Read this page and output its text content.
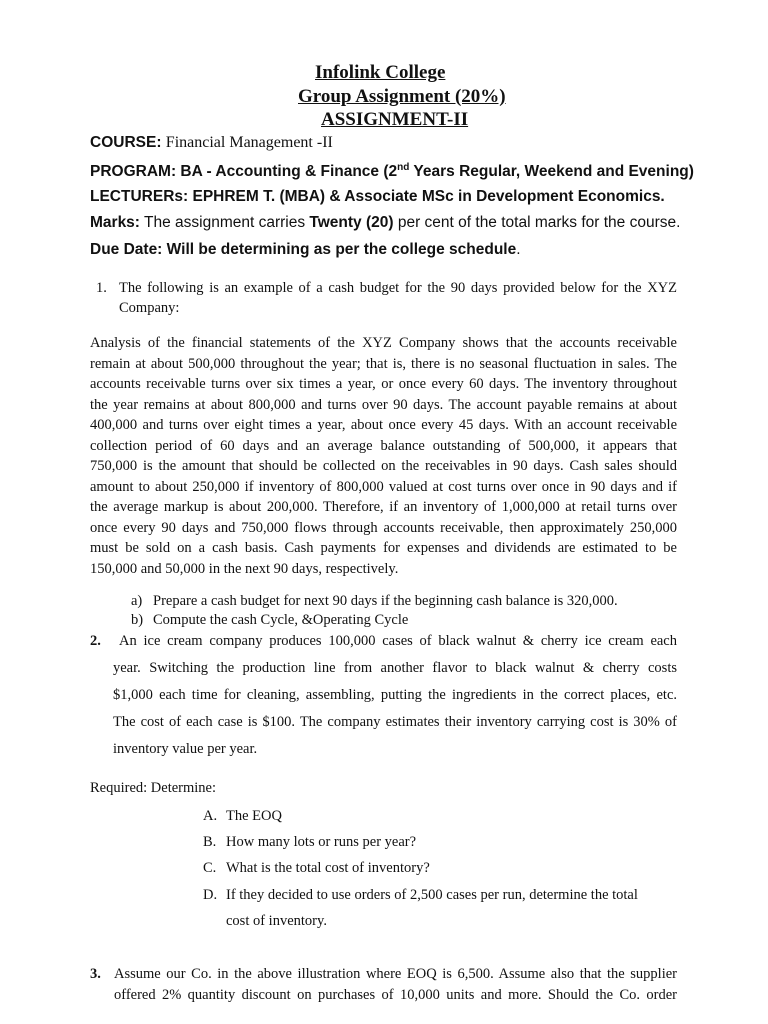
Infolink College
Group Assignment (20%)
ASSIGNMENT-II
COURSE: Financial Management -II
PROGRAM: BA - Accounting & Finance (2nd Years Regular, Weekend and Evening)
LECTURERs: EPHREM T. (MBA) & Associate MSc in Development Economics.
Marks: The assignment carries Twenty (20) per cent of the total marks for the course.
Due Date: Will be determining as per the college schedule.
1. The following is an example of a cash budget for the 90 days provided below for the XYZ
Company:
Analysis of the financial statements of the XYZ Company shows that the accounts receivable
remain at about 500,000 throughout the year; that is, there is no seasonal fluctuation in sales. The
accounts receivable turns over six times a year, or once every 60 days. The inventory throughout
the year remains at about 800,000 and turns over 90 days. The account payable remains at about
400,000 and turns over eight times a year, about once every 45 days. With an account receivable
collection period of 60 days and an average balance outstanding of 500,000, it appears that
750,000 is the amount that should be collected on the receivables in 90 days. Cash sales should
amount to about 250,000 if inventory of 800,000 valued at cost turns over once in 90 days and if
the average markup is about 200,000. Therefore, if an inventory of 1,000,000 at retail turns over
once every 90 days and 750,000 flows through accounts receivable, then approximately 250,000
must be sold on a cash basis. Cash payments for expenses and dividends are estimated to be
150,000 and 50,000 in the next 90 days, respectively.
a) Prepare a cash budget for next 90 days if the beginning cash balance is 320,000.
b) Compute the cash Cycle, &Operating Cycle
2. An ice cream company produces 100,000 cases of black walnut & cherry ice cream each
year. Switching the production line from another flavor to black walnut & cherry costs
$1,000 each time for cleaning, assembling, putting the ingredients in the correct places, etc.
The cost of each case is $100. The company estimates their inventory carrying cost is 30% of
inventory value per year.
Required: Determine:
A. The EOQ
B. How many lots or runs per year?
C. What is the total cost of inventory?
D. If they decided to use orders of 2,500 cases per run, determine the total
cost of inventory.
3. Assume our Co. in the above illustration where EOQ is 6,500. Assume also that the supplier
offered 2% quantity discount on purchases of 10,000 units and more. Should the Co. order
